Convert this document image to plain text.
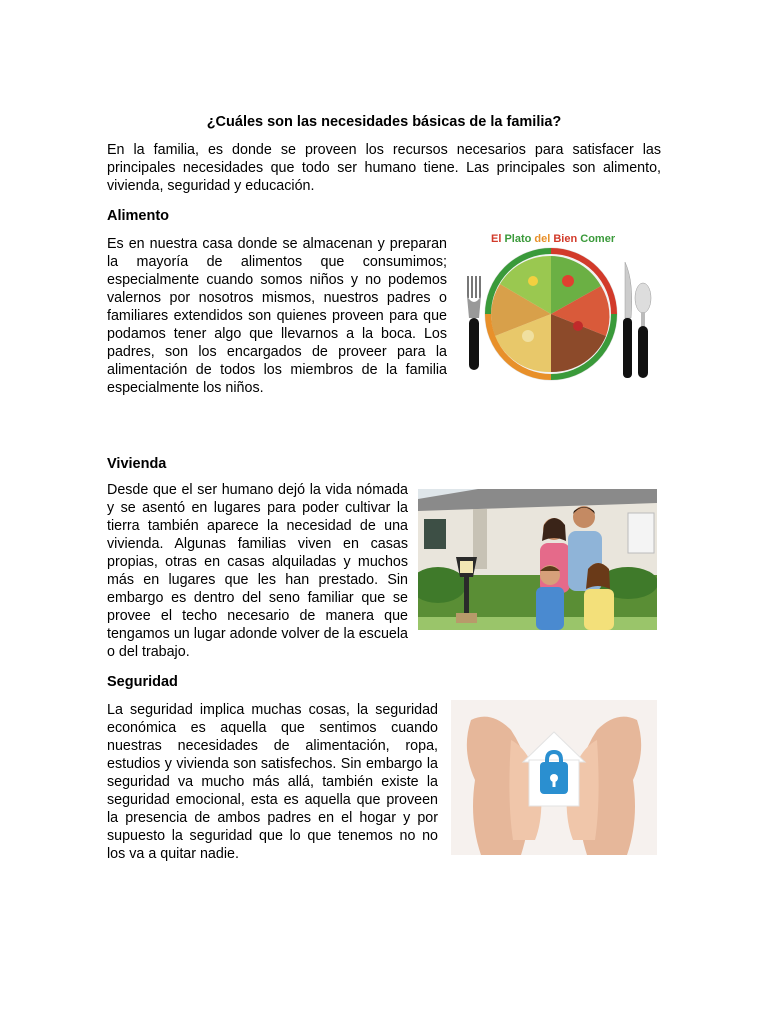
¿Cuáles son las necesidades básicas de la familia?

En la familia, es donde se proveen los recursos necesarios para satisfacer las principales necesidades que todo ser humano tiene. Las principales son alimento, vivienda, seguridad y educación.

Alimento

Es en nuestra casa donde se almacenan y preparan la mayoría de alimentos que consumimos; especialmente cuando somos niños y no podemos valernos por nosotros mismos, nuestros padres o familiares extendidos son quienes proveen para que podamos tener algo que llevarnos a la boca. Los padres, son los encargados de proveer para la alimentación de todos los miembros de la familia especialmente los niños.

El Plato del Bien Comer
Vivienda

Desde que el ser humano dejó la vida nómada y se asentó en lugares para poder cultivar la tierra también aparece la necesidad de una vivienda. Algunas familias viven en casas propias, otras en casas alquiladas y muchos más en lugares que les han prestado. Sin embargo es dentro del seno familiar que se provee el techo necesario de manera que tengamos un lugar adonde volver de la escuela o del trabajo.

Seguridad

La seguridad implica muchas cosas, la seguridad económica es aquella que sentimos cuando nuestras necesidades de alimentación, ropa, estudios y vivienda son satisfechos. Sin embargo la seguridad va mucho más allá, también existe la seguridad emocional, esta es aquella que proveen la presencia de ambos padres en el hogar y por supuesto la seguridad que lo que tenemos no no los va a quitar nadie.
